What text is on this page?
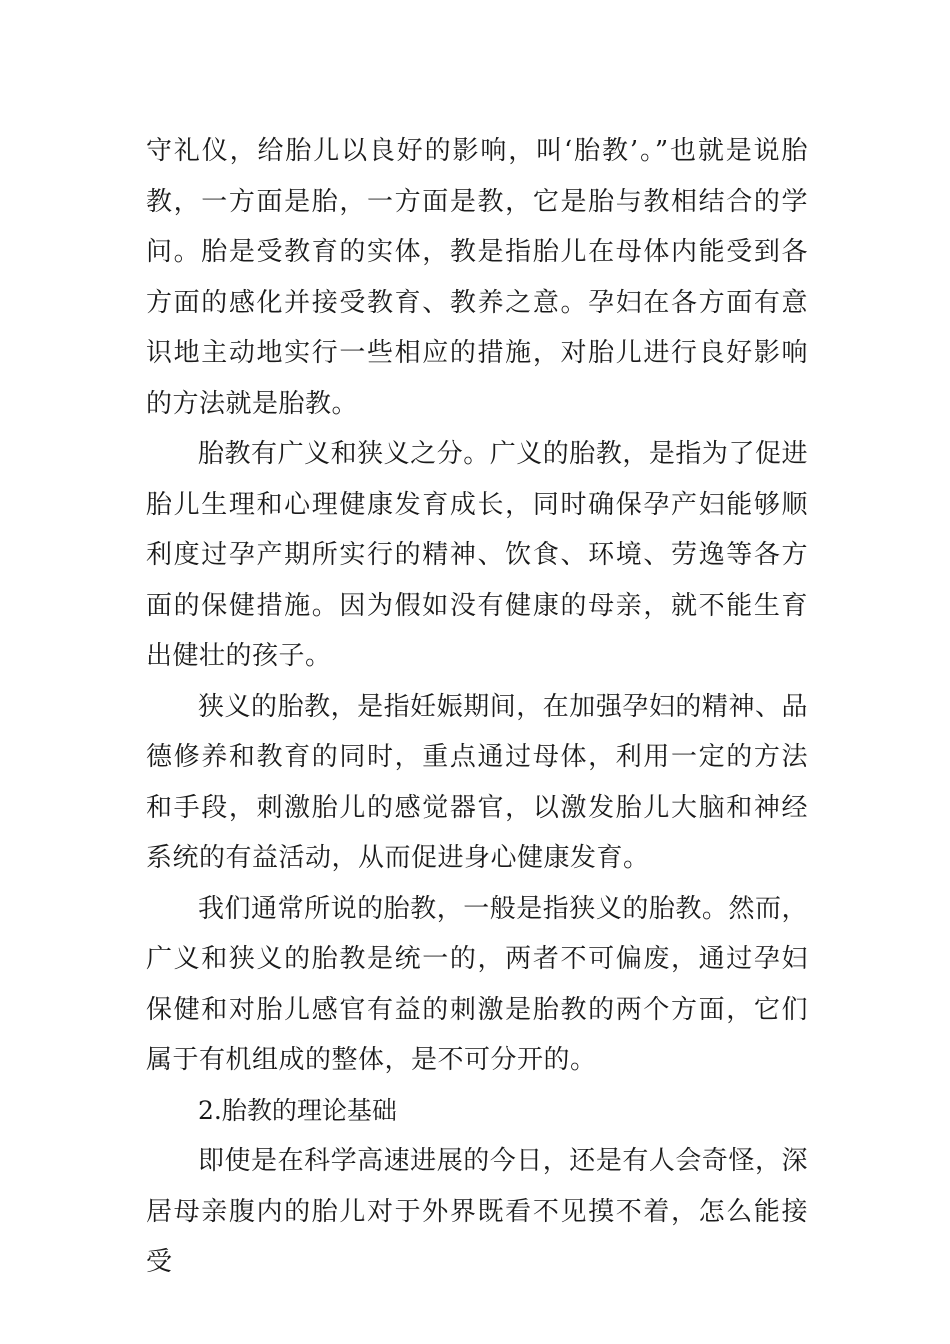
守礼仪，给胎儿以良好的影响，叫‘胎教’。”也就是说胎教，一方面是胎，一方面是教，它是胎与教相结合的学问。胎是受教育的实体，教是指胎儿在母体内能受到各方面的感化并接受教育、教养之意。孕妇在各方面有意识地主动地实行一些相应的措施，对胎儿进行良好影响的方法就是胎教。

胎教有广义和狭义之分。广义的胎教，是指为了促进胎儿生理和心理健康发育成长，同时确保孕产妇能够顺利度过孕产期所实行的精神、饮食、环境、劳逸等各方面的保健措施。因为假如没有健康的母亲，就不能生育出健壮的孩子。

狭义的胎教，是指妊娠期间，在加强孕妇的精神、品德修养和教育的同时，重点通过母体，利用一定的方法和手段，刺激胎儿的感觉器官，以激发胎儿大脑和神经系统的有益活动，从而促进身心健康发育。

我们通常所说的胎教，一般是指狭义的胎教。然而，广义和狭义的胎教是统一的，两者不可偏废，通过孕妇保健和对胎儿感官有益的刺激是胎教的两个方面，它们属于有机组成的整体，是不可分开的。

2.胎教的理论基础

即使是在科学高速进展的今日，还是有人会奇怪，深居母亲腹内的胎儿对于外界既看不见摸不着，怎么能接受
